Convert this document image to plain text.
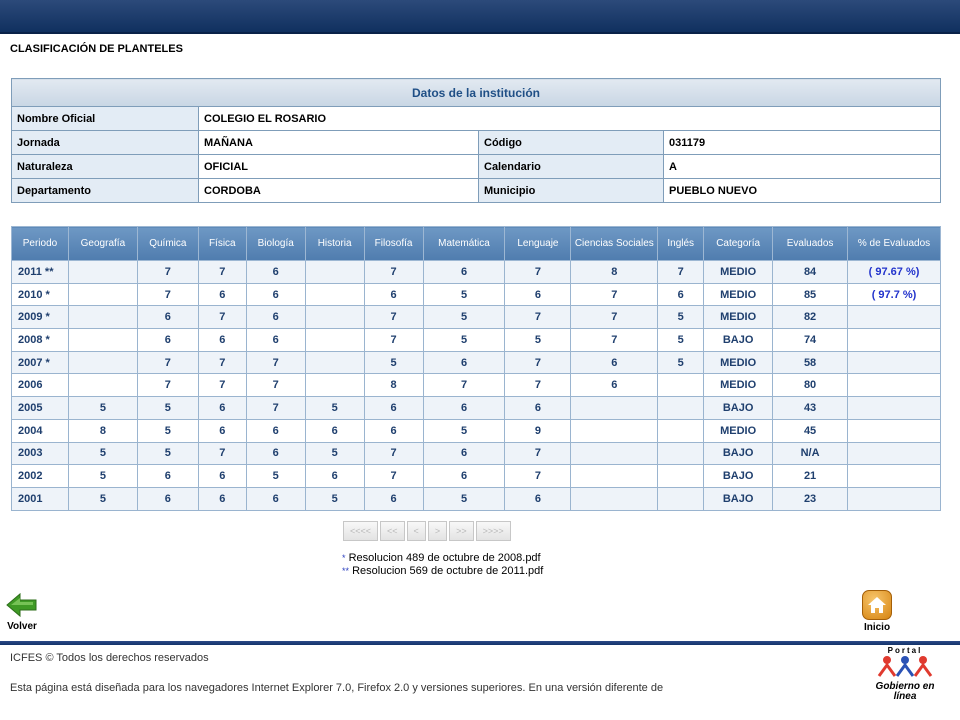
CLASIFICACIÓN DE PLANTELES
Datos de la institución			
Nombre Oficial	COLEGIO EL ROSARIO		
Jornada	MAÑANA	Código	031179
Naturaleza	OFICIAL	Calendario	A
Departamento	CORDOBA	Municipio	PUEBLO NUEVO
Periodo	Geografía	Química	Física	Biología	Historia	Filosofía	Matemática	Lenguaje	Ciencias Sociales	Inglés	Categoría	Evaluados	% de Evaluados
2011 **		7	7	6		7	6	7	8	7	MEDIO	84	( 97.67 %)
2010 *		7	6	6		6	5	6	7	6	MEDIO	85	( 97.7 %)
2009 *		6	7	6		7	5	7	7	5	MEDIO	82	
2008 *		6	6	6		7	5	5	7	5	BAJO	74	
2007 *		7	7	7		5	6	7	6	5	MEDIO	58	
2006		7	7	7		8	7	7	6		MEDIO	80	
2005	5	5	6	7	5	6	6	6			BAJO	43	
2004	8	5	6	6	6	6	5	9			MEDIO	45	
2003	5	5	7	6	5	7	6	7			BAJO	N/A	
2002	5	6	6	5	6	7	6	7			BAJO	21	
2001	5	6	6	6	5	6	5	6			BAJO	23	
<<<<	<<	<	>	>>	>>>>
* Resolucion 489 de octubre de 2008.pdf
** Resolucion 569 de octubre de 2011.pdf
Volver	Inicio
ICFES © Todos los derechos reservados
Esta página está diseñada para los navegadores Internet Explorer 7.0, Firefox 2.0 y versiones superiores. En una versión diferente de
Portal
Gobierno en línea
